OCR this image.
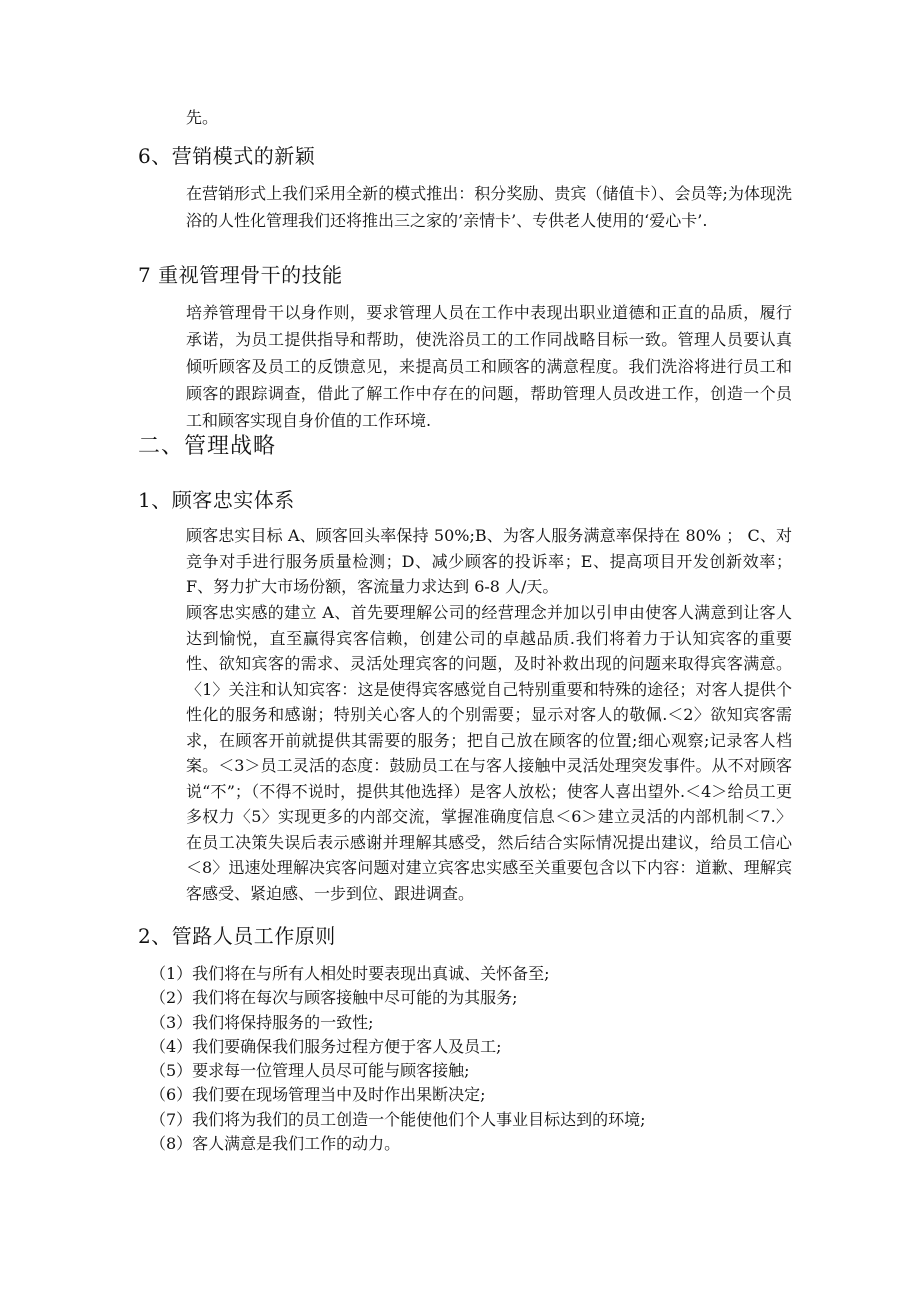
先。
6、营销模式的新颖
在营销形式上我们采用全新的模式推出：积分奖励、贵宾（储值卡）、会员等;为体现洗浴的人性化管理我们还将推出三之家的’亲情卡’、专供老人使用的‘爱心卡’.
7 重视管理骨干的技能
培养管理骨干以身作则，要求管理人员在工作中表现出职业道德和正直的品质，履行承诺，为员工提供指导和帮助，使洗浴员工的工作同战略目标一致。管理人员要认真倾听顾客及员工的反馈意见，来提高员工和顾客的满意程度。我们洗浴将进行员工和顾客的跟踪调查，借此了解工作中存在的问题，帮助管理人员改进工作，创造一个员工和顾客实现自身价值的工作环境.
二、管理战略
1、顾客忠实体系
顾客忠实目标 A、顾客回头率保持 50%;B、为客人服务满意率保持在 80% ； C、对竞争对手进行服务质量检测；D、减少顾客的投诉率；E、提高项目开发创新效率；F、努力扩大市场份额，客流量力求达到 6-8 人/天。
顾客忠实感的建立 A、首先要理解公司的经营理念并加以引申由使客人满意到让客人达到愉悦，直至赢得宾客信赖，创建公司的卓越品质.我们将着力于认知宾客的重要性、欲知宾客的需求、灵活处理宾客的问题，及时补救出现的问题来取得宾客满意。〈1〉关注和认知宾客：这是使得宾客感觉自己特别重要和特殊的途径；对客人提供个性化的服务和感谢；特别关心客人的个别需要；显示对客人的敬佩.＜2〉欲知宾客需求，在顾客开前就提供其需要的服务；把自己放在顾客的位置;细心观察;记录客人档案。＜3＞员工灵活的态度：鼓励员工在与客人接触中灵活处理突发事件。从不对顾客说“不”；（不得不说时，提供其他选择）是客人放松；使客人喜出望外.＜4＞给员工更多权力〈5〉实现更多的内部交流，掌握准确度信息＜6＞建立灵活的内部机制＜7.〉在员工决策失误后表示感谢并理解其感受，然后结合实际情况提出建议，给员工信心＜8〉迅速处理解决宾客问题对建立宾客忠实感至关重要包含以下内容：道歉、理解宾客感受、紧迫感、一步到位、跟进调查。
2、管路人员工作原则
（1）我们将在与所有人相处时要表现出真诚、关怀备至;
（2）我们将在每次与顾客接触中尽可能的为其服务;
（3）我们将保持服务的一致性;
（4）我们要确保我们服务过程方便于客人及员工;
（5）要求每一位管理人员尽可能与顾客接触;
（6）我们要在现场管理当中及时作出果断决定;
（7）我们将为我们的员工创造一个能使他们个人事业目标达到的环境;
（8）客人满意是我们工作的动力。
